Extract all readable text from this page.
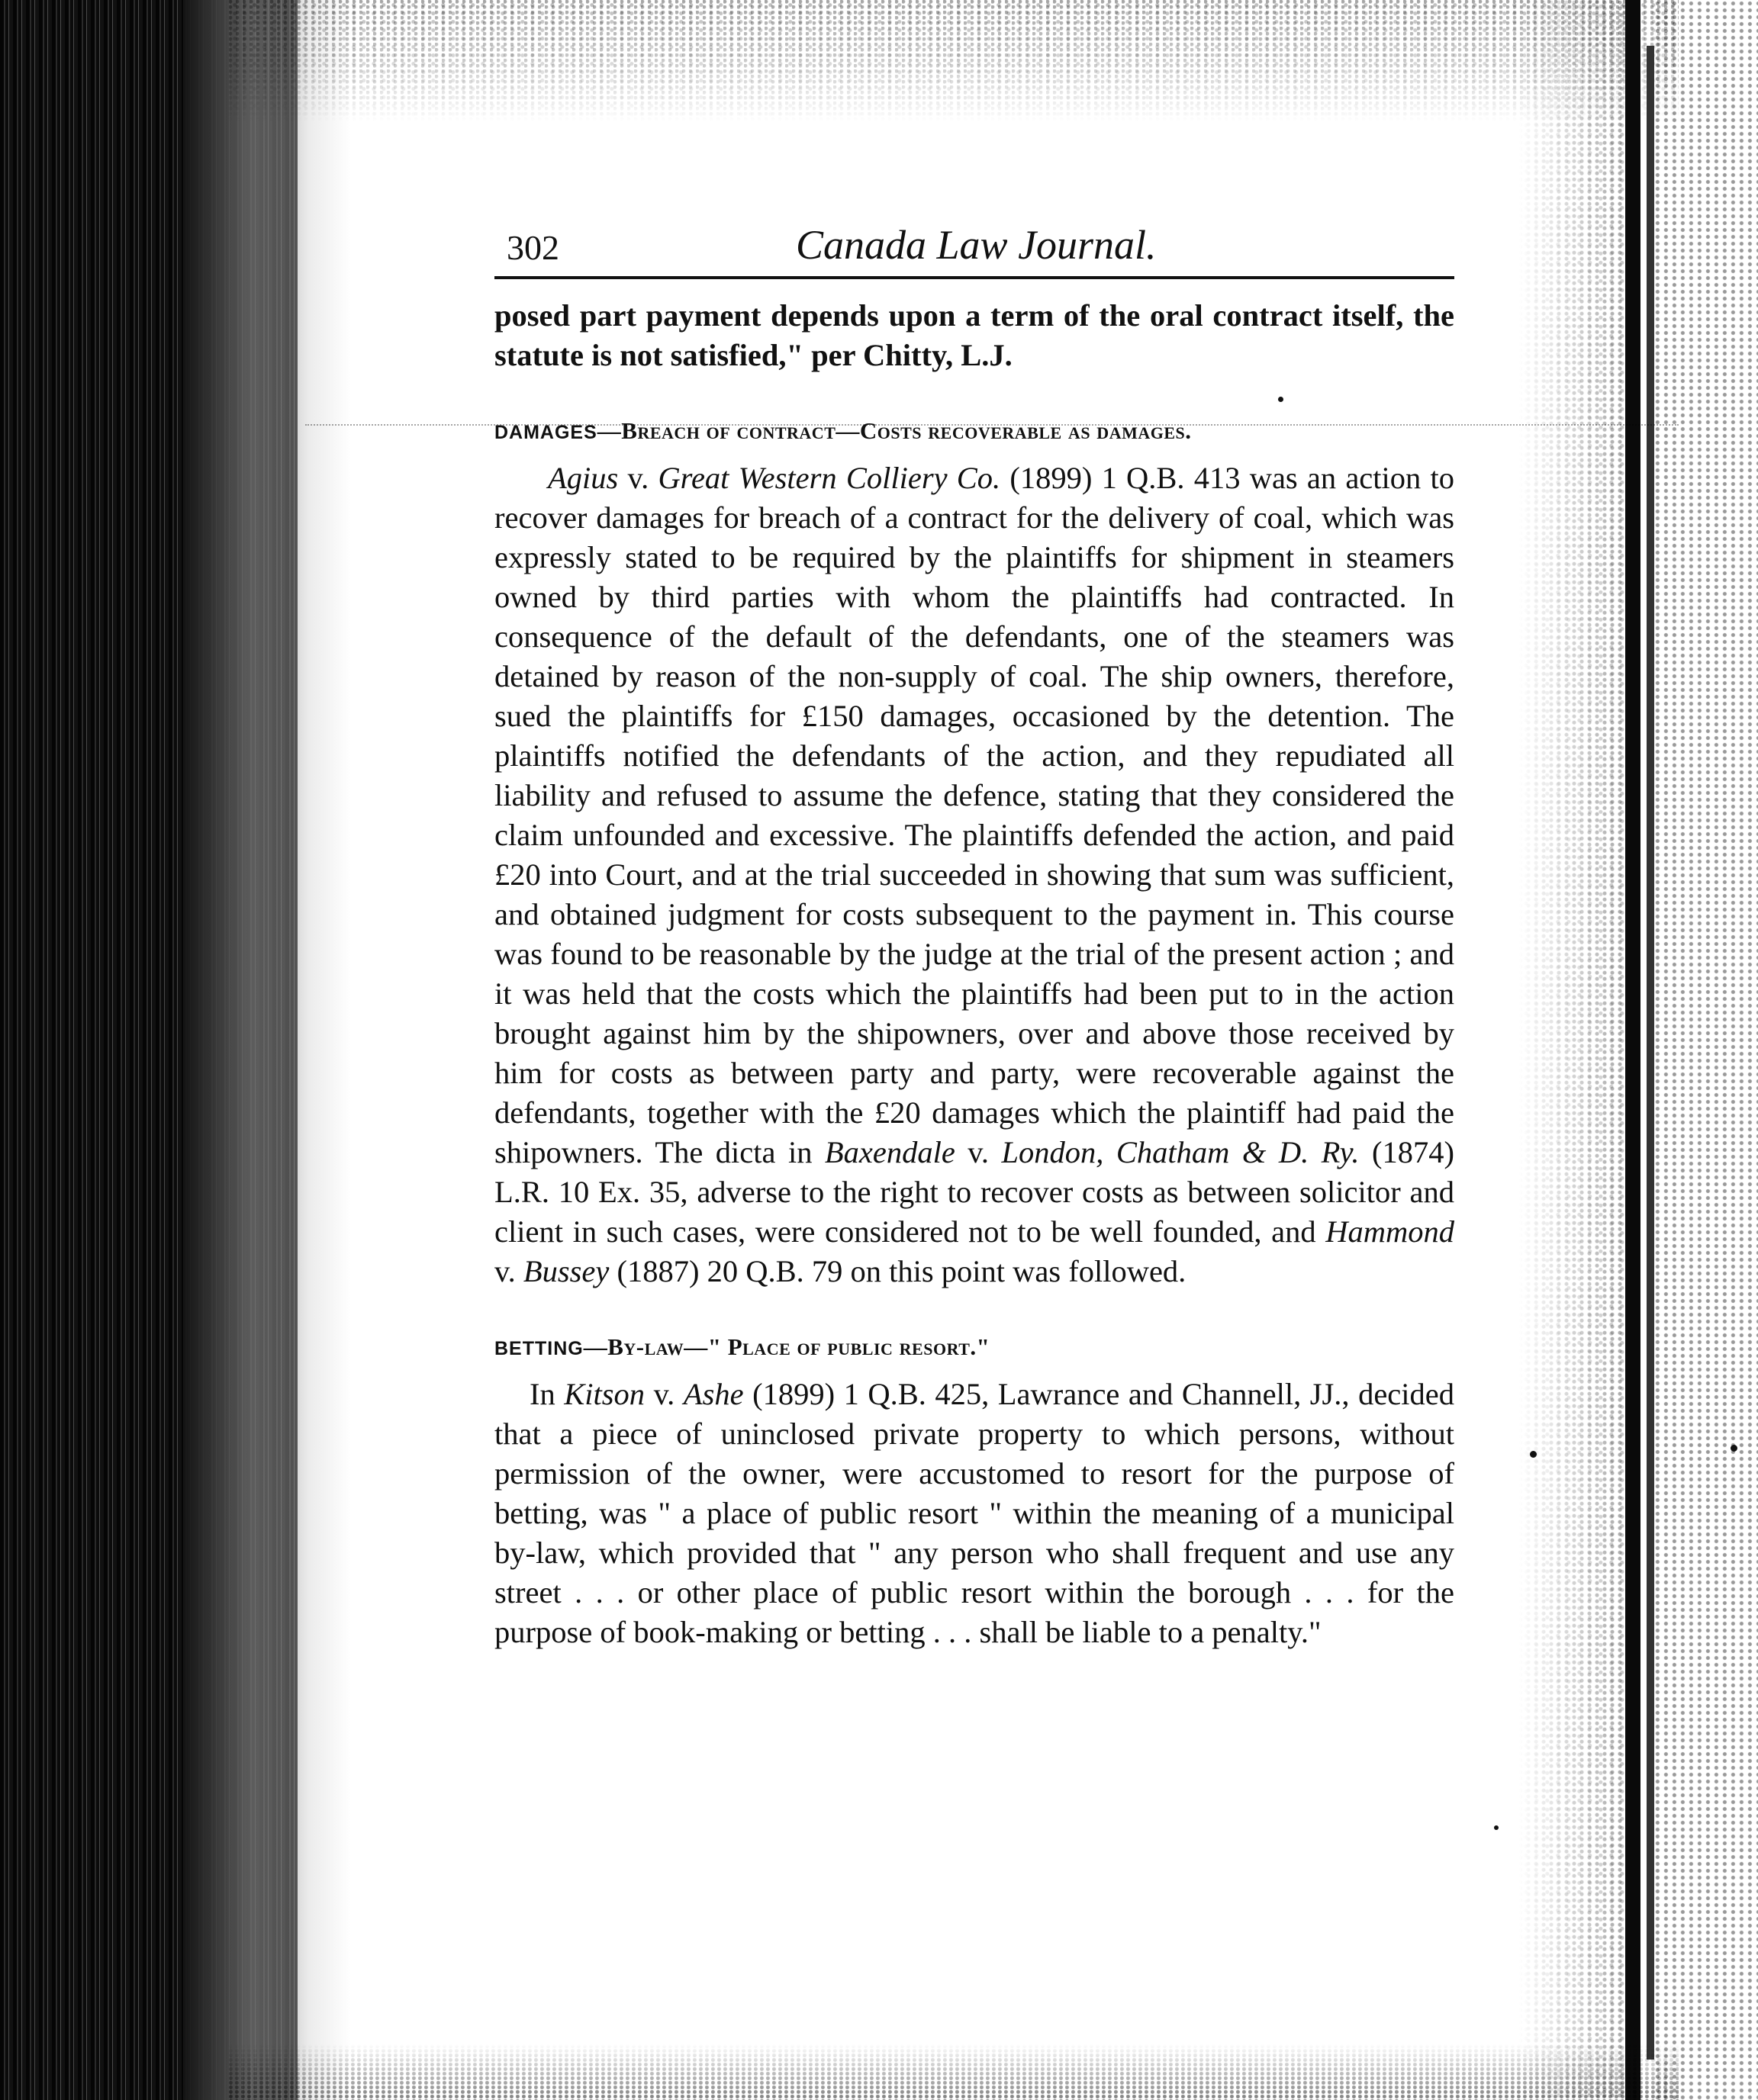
302	Canada Law Journal.

posed part payment depends upon a term of the oral contract itself, the statute is not satisfied," per Chitty, L.J.

DAMAGES—Breach of contract—Costs recoverable as damages.

Agius v. Great Western Colliery Co. (1899) 1 Q.B. 413 was an action to recover damages for breach of a contract for the delivery of coal, which was expressly stated to be required by the plaintiffs for shipment in steamers owned by third parties with whom the plaintiffs had contracted. In consequence of the default of the defendants, one of the steamers was detained by reason of the non-supply of coal. The ship owners, therefore, sued the plaintiffs for £150 damages, occasioned by the detention. The plaintiffs notified the defendants of the action, and they repudiated all liability and refused to assume the defence, stating that they considered the claim unfounded and excessive. The plaintiffs defended the action, and paid £20 into Court, and at the trial succeeded in showing that sum was sufficient, and obtained judgment for costs subsequent to the payment in. This course was found to be reasonable by the judge at the trial of the present action ; and it was held that the costs which the plaintiffs had been put to in the action brought against him by the shipowners, over and above those received by him for costs as between party and party, were recoverable against the defendants, together with the £20 damages which the plaintiff had paid the shipowners. The dicta in Baxendale v. London, Chatham & D. Ry. (1874) L.R. 10 Ex. 35, adverse to the right to recover costs as between solicitor and client in such cases, were considered not to be well founded, and Hammond v. Bussey (1887) 20 Q.B. 79 on this point was followed.

BETTING—By-law—" Place of public resort."

In Kitson v. Ashe (1899) 1 Q.B. 425, Lawrance and Channell, JJ., decided that a piece of uninclosed private property to which persons, without permission of the owner, were accustomed to resort for the purpose of betting, was " a place of public resort " within the meaning of a municipal by-law, which provided that " any person who shall frequent and use any street . . . or other place of public resort within the borough . . . for the purpose of book-making or betting . . . shall be liable to a penalty."
